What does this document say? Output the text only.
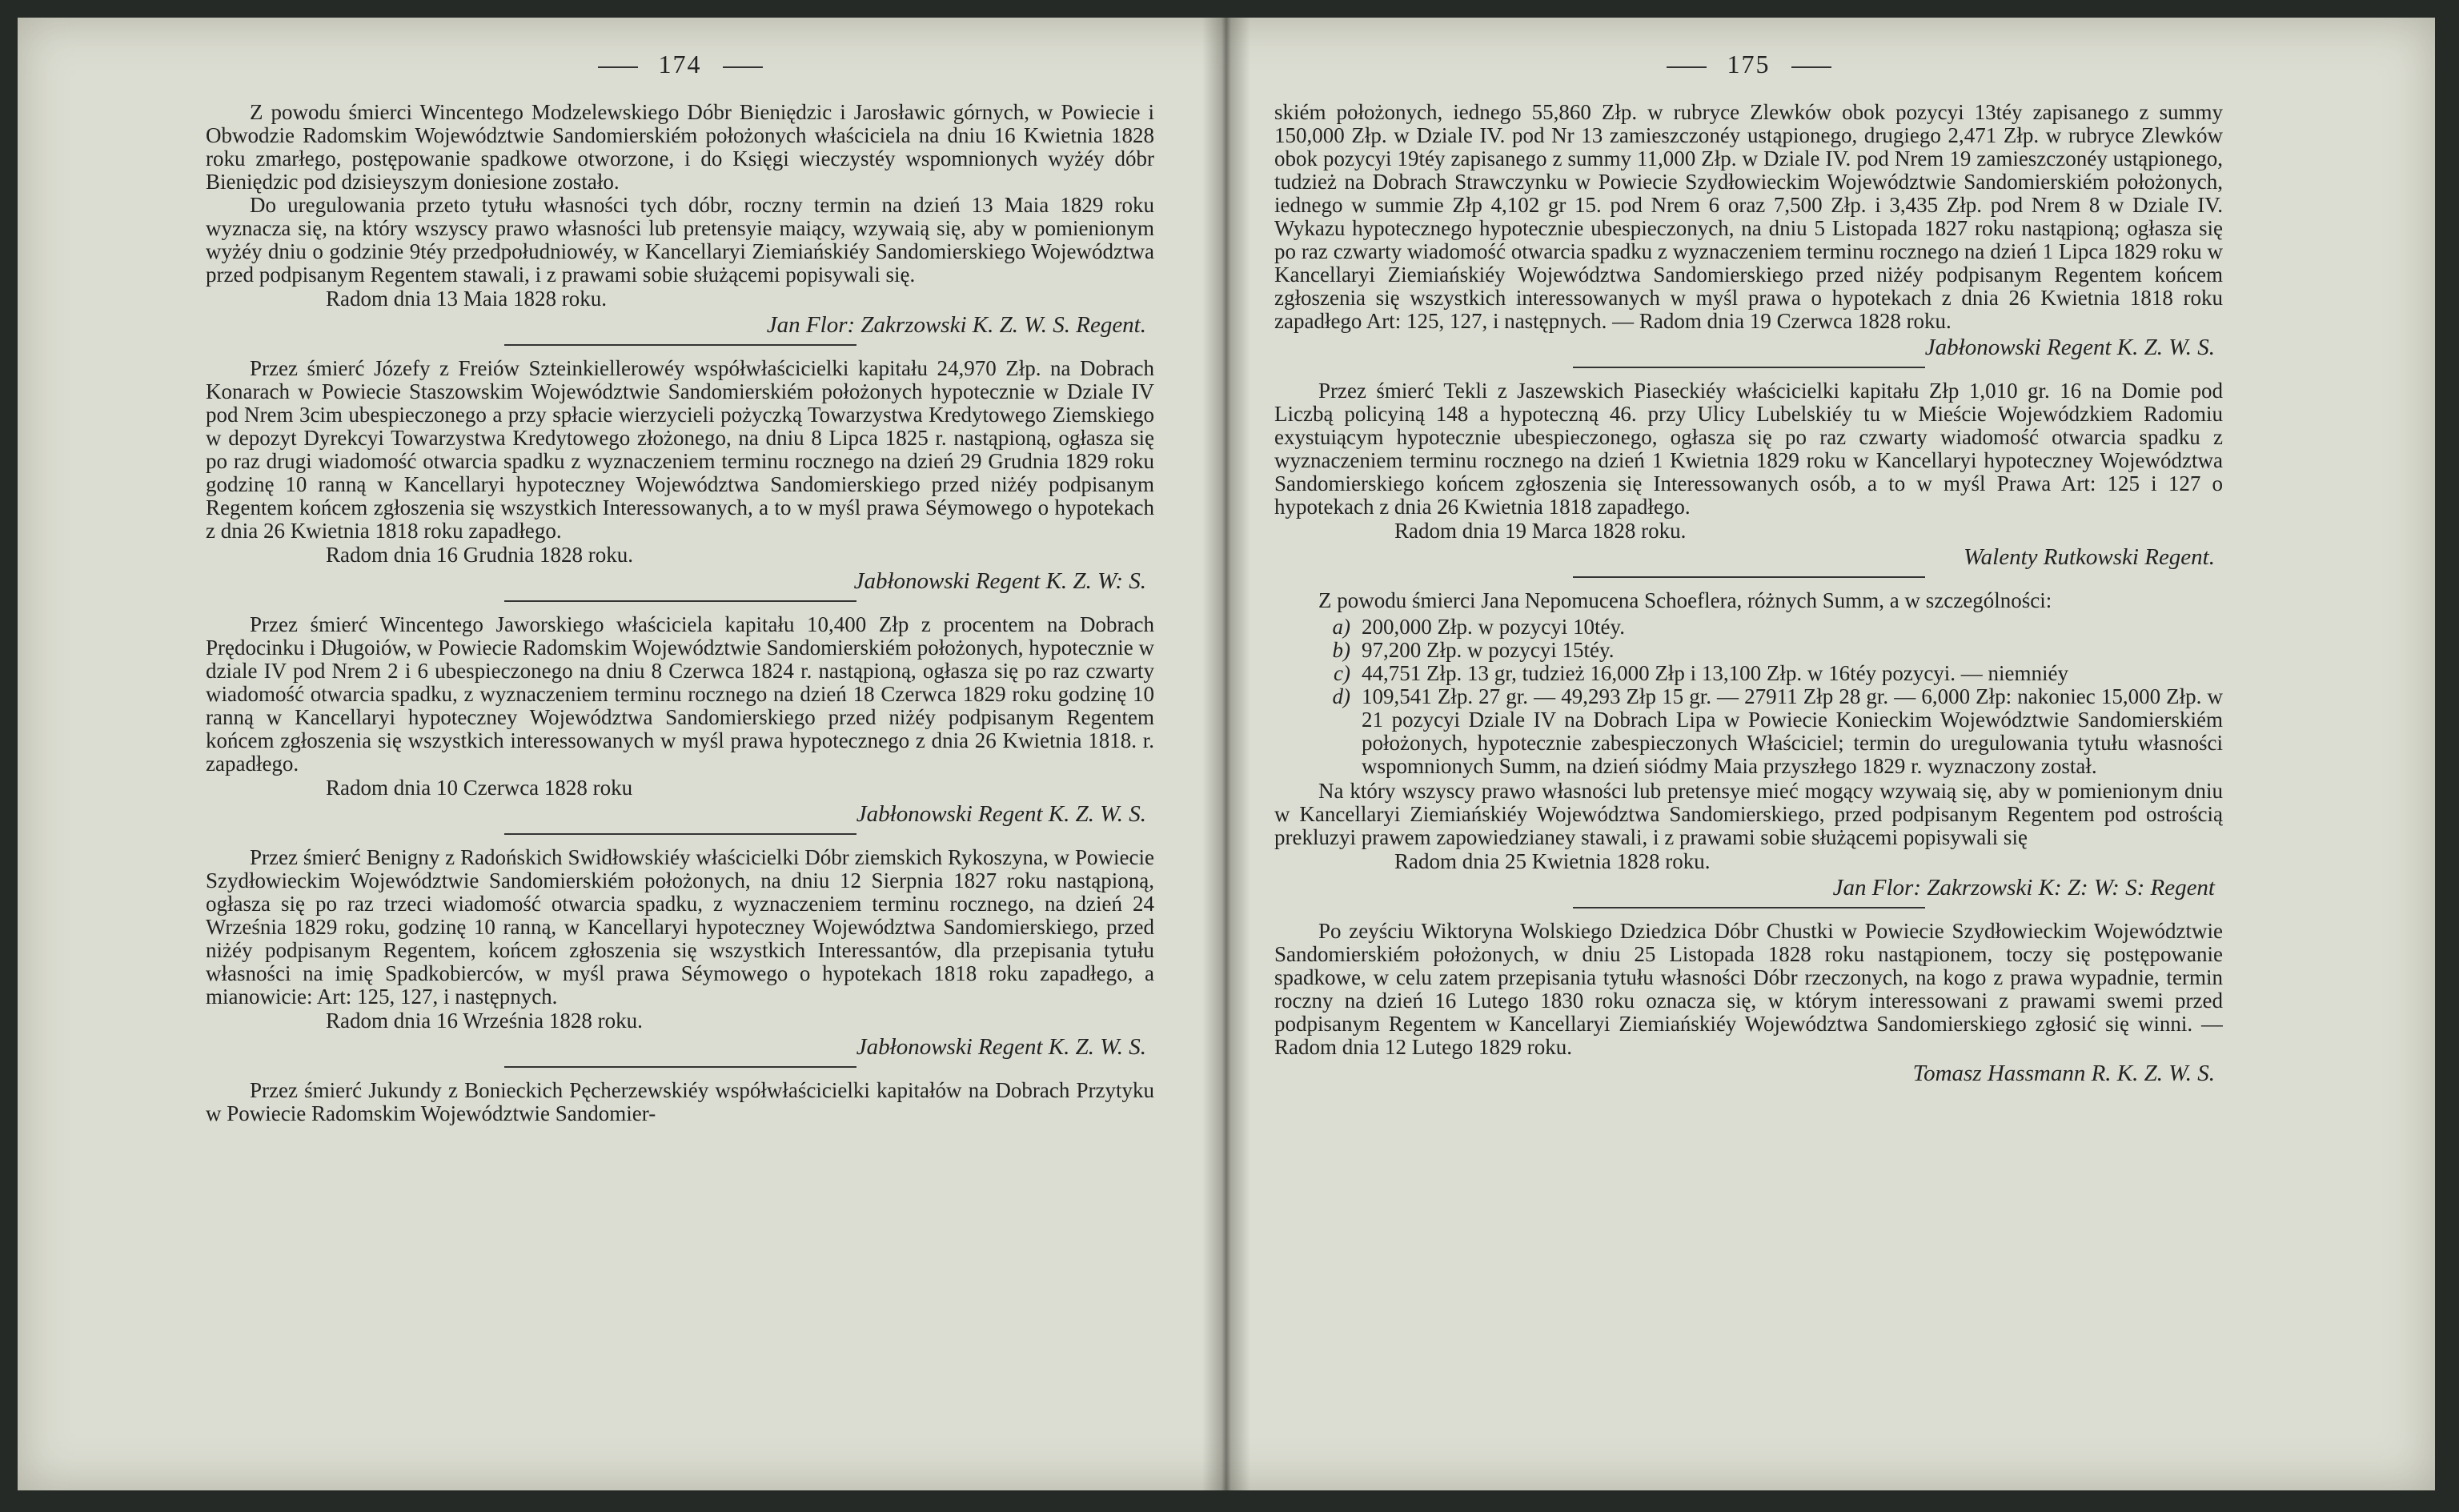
174

Z powodu śmierci Wincentego Modzelewskiego Dóbr Bieniędzic i Jarosławic górnych, w Powiecie i Obwodzie Radomskim Województwie Sandomierskiém położonych właściciela na dniu 16 Kwietnia 1828 roku zmarłego, postępowanie spadkowe otworzone, i do Księgi wieczystéy wspomnionych wyżéy dóbr Bieniędzic pod dzisieyszym doniesione zostało.

Do uregulowania przeto tytułu własności tych dóbr, roczny termin na dzień 13 Maia 1829 roku wyznacza się, na który wszyscy prawo własności lub pretensyie maiący, wzywaią się, aby w pomienionym wyżéy dniu o godzinie 9téy przedpołudniowéy, w Kancellaryi Ziemiańskiéy Sandomierskiego Województwa przed podpisanym Regentem stawali, i z prawami sobie służącemi popisywali się.

Radom dnia 13 Maia 1828 roku.

Jan Flor: Zakrzowski K. Z. W. S. Regent.

Przez śmierć Józefy z Freiów Szteinkiellerowéy współwłaścicielki kapitału 24,970 Złp. na Dobrach Konarach w Powiecie Staszowskim Województwie Sandomierskiém położonych hypotecznie w Dziale IV pod Nrem 3cim ubespieczonego a przy spłacie wierzycieli pożyczką Towarzystwa Kredytowego Ziemskiego w depozyt Dyrekcyi Towarzystwa Kredytowego złożonego, na dniu 8 Lipca 1825 r. nastąpioną, ogłasza się po raz drugi wiadomość otwarcia spadku z wyznaczeniem terminu rocznego na dzień 29 Grudnia 1829 roku godzinę 10 ranną w Kancellaryi hypoteczney Województwa Sandomierskiego przed niżéy podpisanym Regentem końcem zgłoszenia się wszystkich Interessowanych, a to w myśl prawa Séymowego o hypotekach z dnia 26 Kwietnia 1818 roku zapadłego.

Radom dnia 16 Grudnia 1828 roku.

Jabłonowski Regent K. Z. W: S.

Przez śmierć Wincentego Jaworskiego właściciela kapitału 10,400 Złp z procentem na Dobrach Prędocinku i Długoiów, w Powiecie Radomskim Województwie Sandomierskiém położonych, hypotecznie w dziale IV pod Nrem 2 i 6 ubespieczonego na dniu 8 Czerwca 1824 r. nastąpioną, ogłasza się po raz czwarty wiadomość otwarcia spadku, z wyznaczeniem terminu rocznego na dzień 18 Czerwca 1829 roku godzinę 10 ranną w Kancellaryi hypoteczney Województwa Sandomierskiego przed niżéy podpisanym Regentem końcem zgłoszenia się wszystkich interessowanych w myśl prawa hypotecznego z dnia 26 Kwietnia 1818. r. zapadłego.

Radom dnia 10 Czerwca 1828 roku

Jabłonowski Regent K. Z. W. S.

Przez śmierć Benigny z Radońskich Swidłowskiéy właścicielki Dóbr ziemskich Rykoszyna, w Powiecie Szydłowieckim Województwie Sandomierskiém położonych, na dniu 12 Sierpnia 1827 roku nastąpioną, ogłasza się po raz trzeci wiadomość otwarcia spadku, z wyznaczeniem terminu rocznego, na dzień 24 Września 1829 roku, godzinę 10 ranną, w Kancellaryi hypoteczney Województwa Sandomierskiego, przed niżéy podpisanym Regentem, końcem zgłoszenia się wszystkich Interessantów, dla przepisania tytułu własności na imię Spadkobierców, w myśl prawa Séymowego o hypotekach 1818 roku zapadłego, a mianowicie: Art: 125, 127, i następnych.

Radom dnia 16 Września 1828 roku.

Jabłonowski Regent K. Z. W. S.

Przez śmierć Jukundy z Bonieckich Pęcherzewskiéy współwłaścicielki kapitałów na Dobrach Przytyku w Powiecie Radomskim Województwie Sandomier-

175

skiém położonych, iednego 55,860 Złp. w rubryce Zlewków obok pozycyi 13téy zapisanego z summy 150,000 Złp. w Dziale IV. pod Nr 13 zamieszczonéy ustąpionego, drugiego 2,471 Złp. w rubryce Zlewków obok pozycyi 19téy zapisanego z summy 11,000 Złp. w Dziale IV. pod Nrem 19 zamieszczonéy ustąpionego, tudzież na Dobrach Strawczynku w Powiecie Szydłowieckim Województwie Sandomierskiém położonych, iednego w summie Złp 4,102 gr 15. pod Nrem 6 oraz 7,500 Złp. i 3,435 Złp. pod Nrem 8 w Dziale IV. Wykazu hypotecznego hypotecznie ubespieczonych, na dniu 5 Listopada 1827 roku nastąpioną; ogłasza się po raz czwarty wiadomość otwarcia spadku z wyznaczeniem terminu rocznego na dzień 1 Lipca 1829 roku w Kancellaryi Ziemiańskiéy Województwa Sandomierskiego przed niżéy podpisanym Regentem końcem zgłoszenia się wszystkich interessowanych w myśl prawa o hypotekach z dnia 26 Kwietnia 1818 roku zapadłego Art: 125, 127, i następnych. — Radom dnia 19 Czerwca 1828 roku.

Jabłonowski Regent K. Z. W. S.

Przez śmierć Tekli z Jaszewskich Piaseckiéy właścicielki kapitału Złp 1,010 gr. 16 na Domie pod Liczbą policyiną 148 a hypoteczną 46. przy Ulicy Lubelskiéy tu w Mieście Wojewódzkiem Radomiu exystuiącym hypotecznie ubespieczonego, ogłasza się po raz czwarty wiadomość otwarcia spadku z wyznaczeniem terminu rocznego na dzień 1 Kwietnia 1829 roku w Kancellaryi hypoteczney Województwa Sandomierskiego końcem zgłoszenia się Interessowanych osób, a to w myśl Prawa Art: 125 i 127 o hypotekach z dnia 26 Kwietnia 1818 zapadłego.

Radom dnia 19 Marca 1828 roku.

Walenty Rutkowski Regent.

Z powodu śmierci Jana Nepomucena Schoeflera, różnych Summ, a w szczególności:

a) 200,000 Złp. w pozycyi 10téy.
b) 97,200 Złp. w pozycyi 15téy.
c) 44,751 Złp. 13 gr, tudzież 16,000 Złp i 13,100 Złp. w 16téy pozycyi. — niemniéy
d) 109,541 Złp. 27 gr. — 49,293 Złp 15 gr. — 27911 Złp 28 gr. — 6,000 Złp: nakoniec 15,000 Złp. w 21 pozycyi Dziale IV na Dobrach Lipa w Powiecie Konieckim Województwie Sandomierskiém położonych, hypotecznie zabespieczonych Właściciel; termin do uregulowania tytułu własności wspomnionych Summ, na dzień siódmy Maia przyszłego 1829 r. wyznaczony został.

Na który wszyscy prawo własności lub pretensye mieć mogący wzywaią się, aby w pomienionym dniu w Kancellaryi Ziemiańskiéy Województwa Sandomierskiego, przed podpisanym Regentem pod ostrością prekluzyi prawem zapowiedzianey stawali, i z prawami sobie służącemi popisywali się

Radom dnia 25 Kwietnia 1828 roku.

Jan Flor: Zakrzowski K: Z: W: S: Regent

Po zeyściu Wiktoryna Wolskiego Dziedzica Dóbr Chustki w Powiecie Szydłowieckim Województwie Sandomierskiém położonych, w dniu 25 Listopada 1828 roku nastąpionem, toczy się postępowanie spadkowe, w celu zatem przepisania tytułu własności Dóbr rzeczonych, na kogo z prawa wypadnie, termin roczny na dzień 16 Lutego 1830 roku oznacza się, w którym interessowani z prawami swemi przed podpisanym Regentem w Kancellaryi Ziemiańskiéy Województwa Sandomierskiego zgłosić się winni. — Radom dnia 12 Lutego 1829 roku.

Tomasz Hassmann R. K. Z. W. S.
